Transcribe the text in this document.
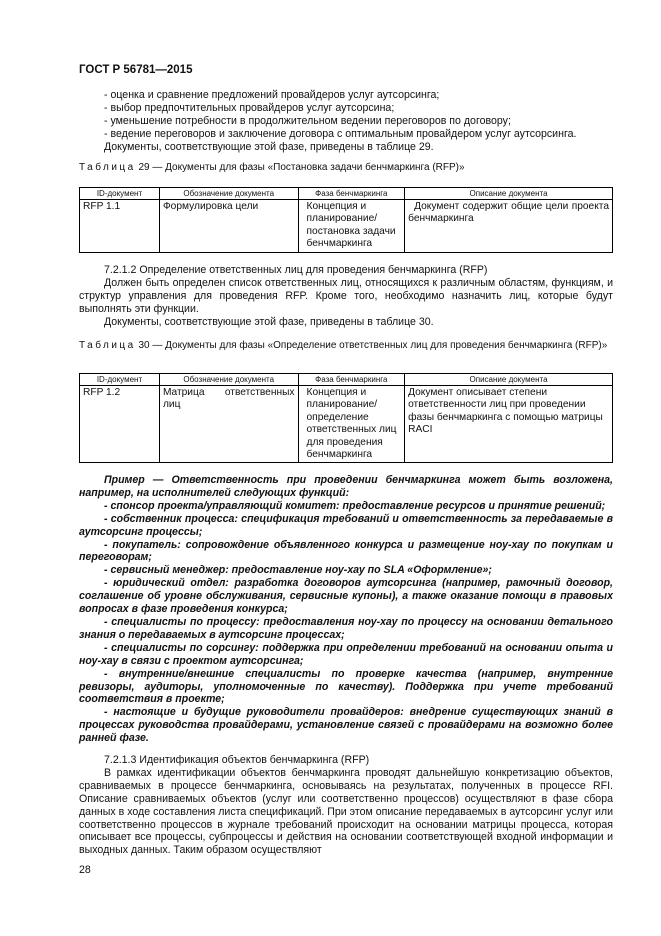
ГОСТ Р 56781—2015

- оценка и сравнение предложений провайдеров услуг аутсорсинга;

- выбор предпочтительных провайдеров услуг аутсорсина;

- уменьшение потребности в продолжительном ведении переговоров по договору;

- ведение переговоров и заключение договора с оптимальным провайдером услуг аутсорсинга.

Документы, соответствующие этой фазе, приведены в таблице 29.

Таблица 29 — Документы для фазы «Постановка задачи бенчмаркинга (RFP)»
ID-документ	Обозначение документа	Фаза бенчмаркинга	Описание документа
RFP 1.1	Формулировка цели	Концепция и планирование/ постановка задачи бенчмаркинга	Документ содержит общие цели проекта бенчмаркинга

7.2.1.2 Определение ответственных лиц для проведения бенчмаркинга (RFP)

Должен быть определен список ответственных лиц, относящихся к различным областям, функциям, и структур управления для проведения RFP. Кроме того, необходимо назначить лиц, которые будут выполнять эти функции.

Документы, соответствующие этой фазе, приведены в таблице 30.

Таблица 30 — Документы для фазы «Определение ответственных лиц для проведения бенчмаркинга (RFP)»
ID-документ	Обозначение документа	Фаза бенчмаркинга	Описание документа
RFP 1.2	Матрица ответственных лиц	Концепция и планирование/ определение ответственных лиц для проведения бенчмаркинга	Документ описывает степени ответственности лиц при проведении фазы бенчмаркинга с помощью матрицы RACI

Пример — Ответственность при проведении бенчмаркинга может быть возложена, например, на исполнителей следующих функций:

- спонсор проекта/управляющий комитет: предоставление ресурсов и принятие решений;

- собственник процесса: спецификация требований и ответственность за передаваемые в аутсорсинг процессы;

- покупатель: сопровождение объявленного конкурса и размещение ноу-хау по покупкам и переговорам;

- сервисный менеджер: предоставление ноу-хау по SLA «Оформление»;

- юридический отдел: разработка договоров аутсорсинга (например, рамочный договор, соглашение об уровне обслуживания, сервисные купоны), а также оказание помощи в правовых вопросах в фазе проведения конкурса;

- специалисты по процессу: предоставления ноу-хау по процессу на основании детального знания о передаваемых в аутсорсинг процессах;

- специалисты по сорсингу: поддержка при определении требований на основании опыта и ноу-хау в связи с проектом аутсорсинга;

- внутренние/внешние специалисты по проверке качества (например, внутренние ревизоры, аудиторы, уполномоченные по качеству). Поддержка при учете требований соответствия в проекте;

- настоящие и будущие руководители провайдеров: внедрение существующих знаний в процессах руководства провайдерами, установление связей с провайдерами на возможно более ранней фазе.

7.2.1.3 Идентификация объектов бенчмаркинга (RFP)

В рамках идентификации объектов бенчмаркинга проводят дальнейшую конкретизацию объектов, сравниваемых в процессе бенчмаркинга, основываясь на результатах, полученных в процессе RFI. Описание сравниваемых объектов (услуг или соответственно процессов) осуществляют в фазе сбора данных в ходе составления листа спецификаций. При этом описание передаваемых в аутсорсинг услуг или соответственно процессов в журнале требований происходит на основании матрицы процесса, которая описывает все процессы, субпроцессы и действия на основании соответствующей входной информации и выходных данных. Таким образом осуществляют

28
